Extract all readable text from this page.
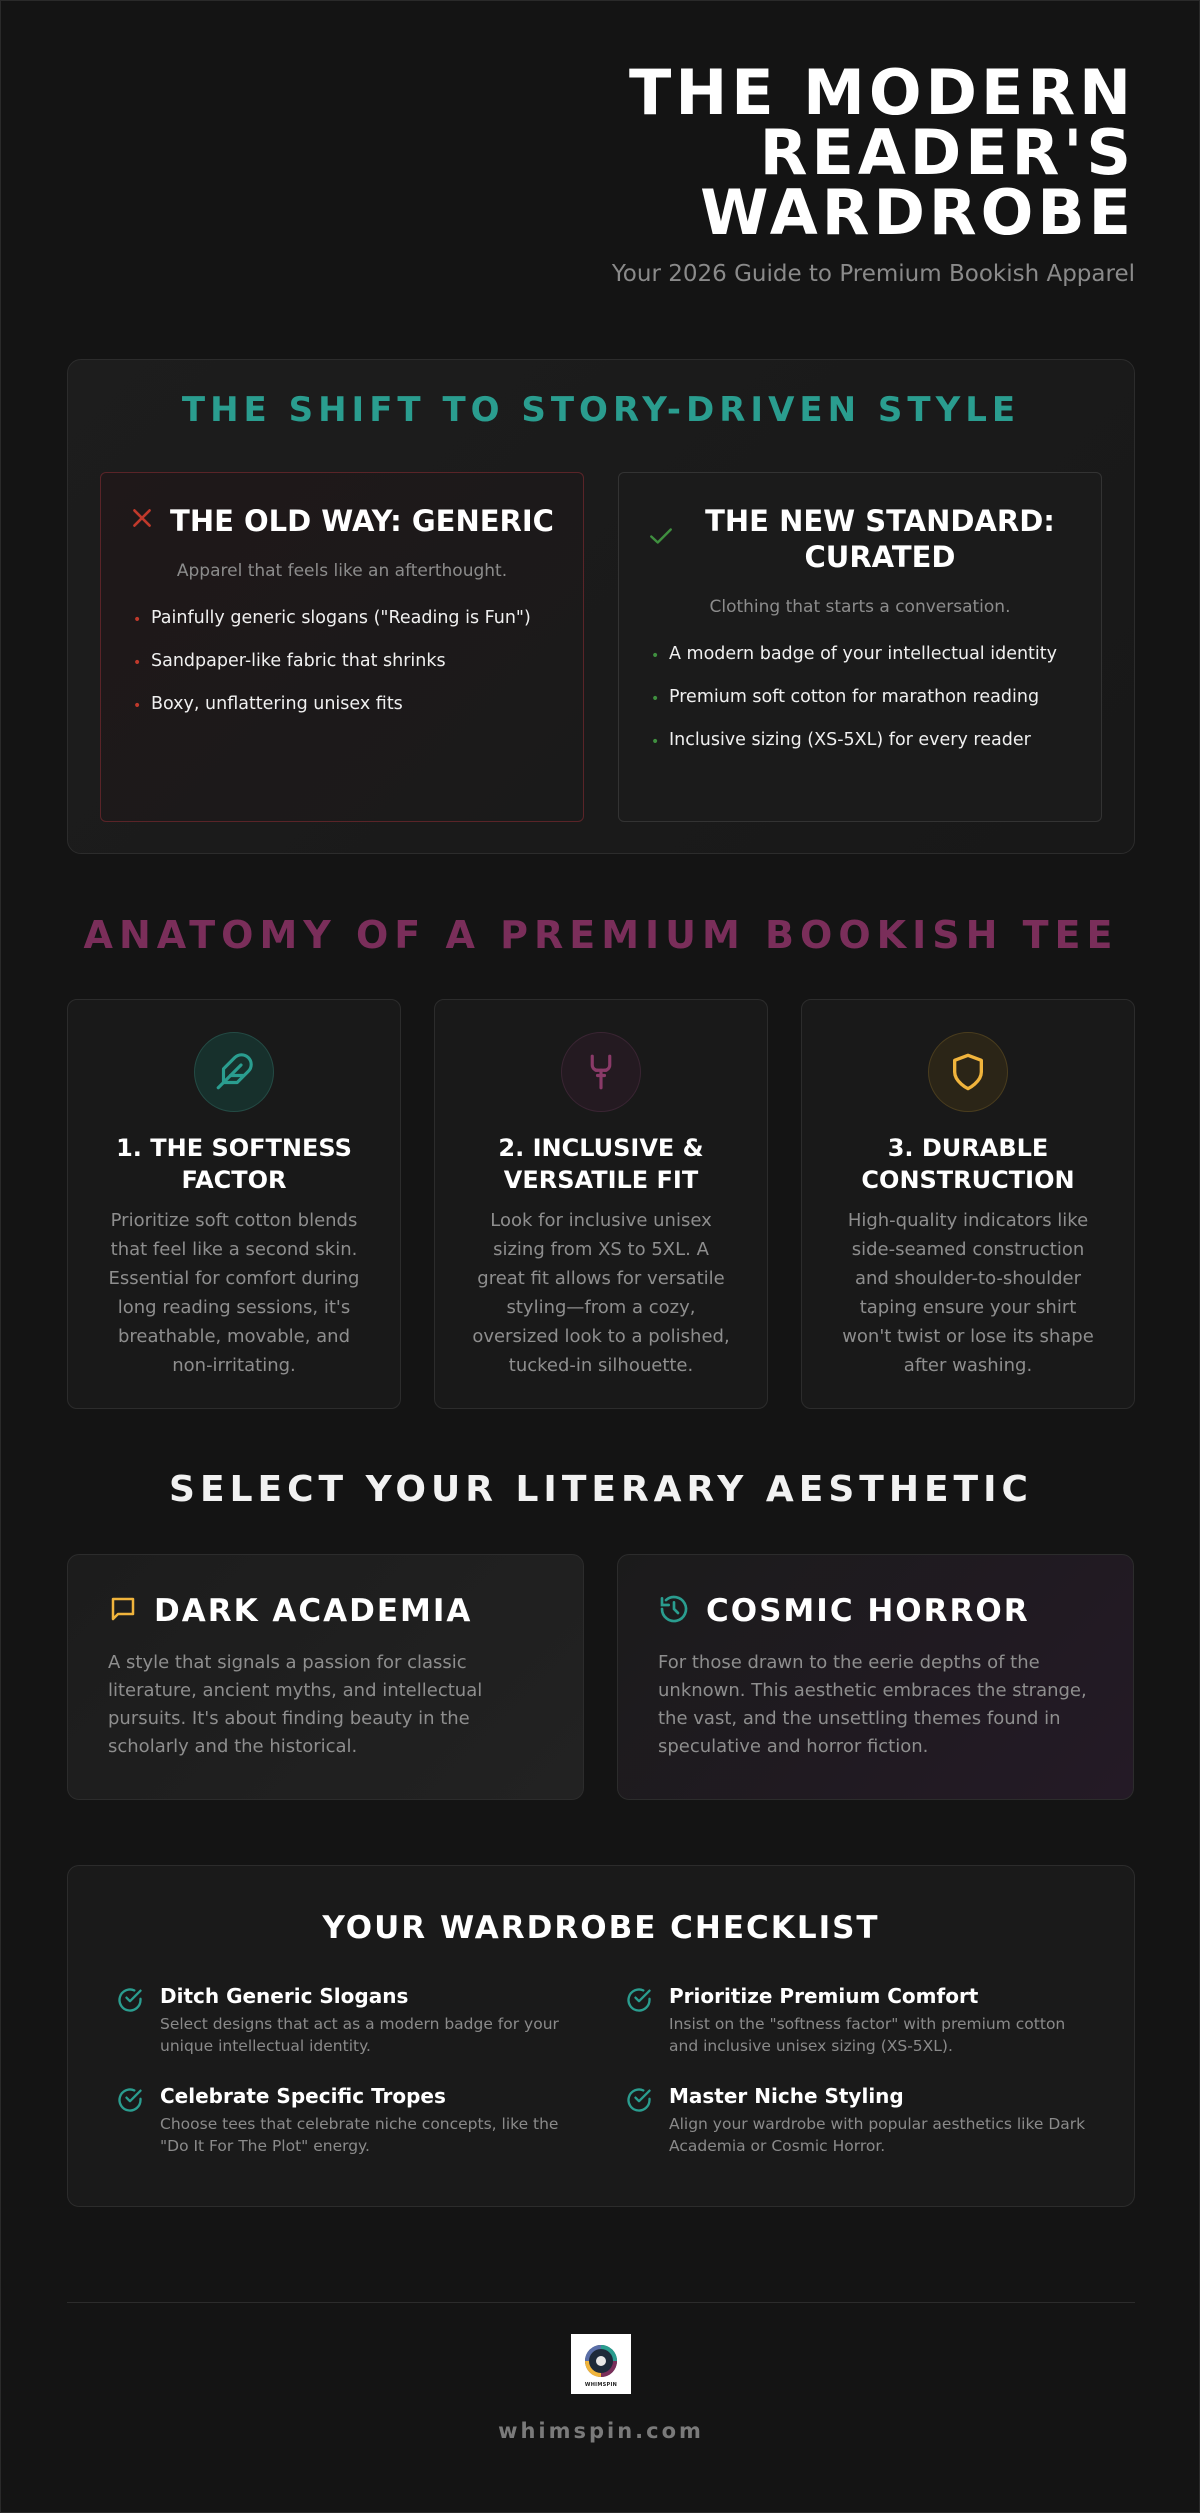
THE MODERN
READER'S
WARDROBE
Your 2026 Guide to Premium Bookish Apparel
THE SHIFT TO STORY-DRIVEN STYLE
THE OLD WAY: GENERIC
Apparel that feels like an afterthought.
• Painfully generic slogans ("Reading is Fun")
• Sandpaper-like fabric that shrinks
• Boxy, unflattering unisex fits
THE NEW STANDARD: CURATED
Clothing that starts a conversation.
• A modern badge of your intellectual identity
• Premium soft cotton for marathon reading
• Inclusive sizing (XS-5XL) for every reader
ANATOMY OF A PREMIUM BOOKISH TEE
1. THE SOFTNESS FACTOR
Prioritize soft cotton blends that feel like a second skin. Essential for comfort during long reading sessions, it's breathable, movable, and non-irritating.
2. INCLUSIVE & VERSATILE FIT
Look for inclusive unisex sizing from XS to 5XL. A great fit allows for versatile styling—from a cozy, oversized look to a polished, tucked-in silhouette.
3. DURABLE CONSTRUCTION
High-quality indicators like side-seamed construction and shoulder-to-shoulder taping ensure your shirt won't twist or lose its shape after washing.
SELECT YOUR LITERARY AESTHETIC
DARK ACADEMIA
A style that signals a passion for classic literature, ancient myths, and intellectual pursuits. It's about finding beauty in the scholarly and the historical.
COSMIC HORROR
For those drawn to the eerie depths of the unknown. This aesthetic embraces the strange, the vast, and the unsettling themes found in speculative and horror fiction.
YOUR WARDROBE CHECKLIST
Ditch Generic Slogans
Select designs that act as a modern badge for your unique intellectual identity.
Prioritize Premium Comfort
Insist on the "softness factor" with premium cotton and inclusive unisex sizing (XS-5XL).
Celebrate Specific Tropes
Choose tees that celebrate niche concepts, like the "Do It For The Plot" energy.
Master Niche Styling
Align your wardrobe with popular aesthetics like Dark Academia or Cosmic Horror.
WHIMSPIN
whimspin.com
